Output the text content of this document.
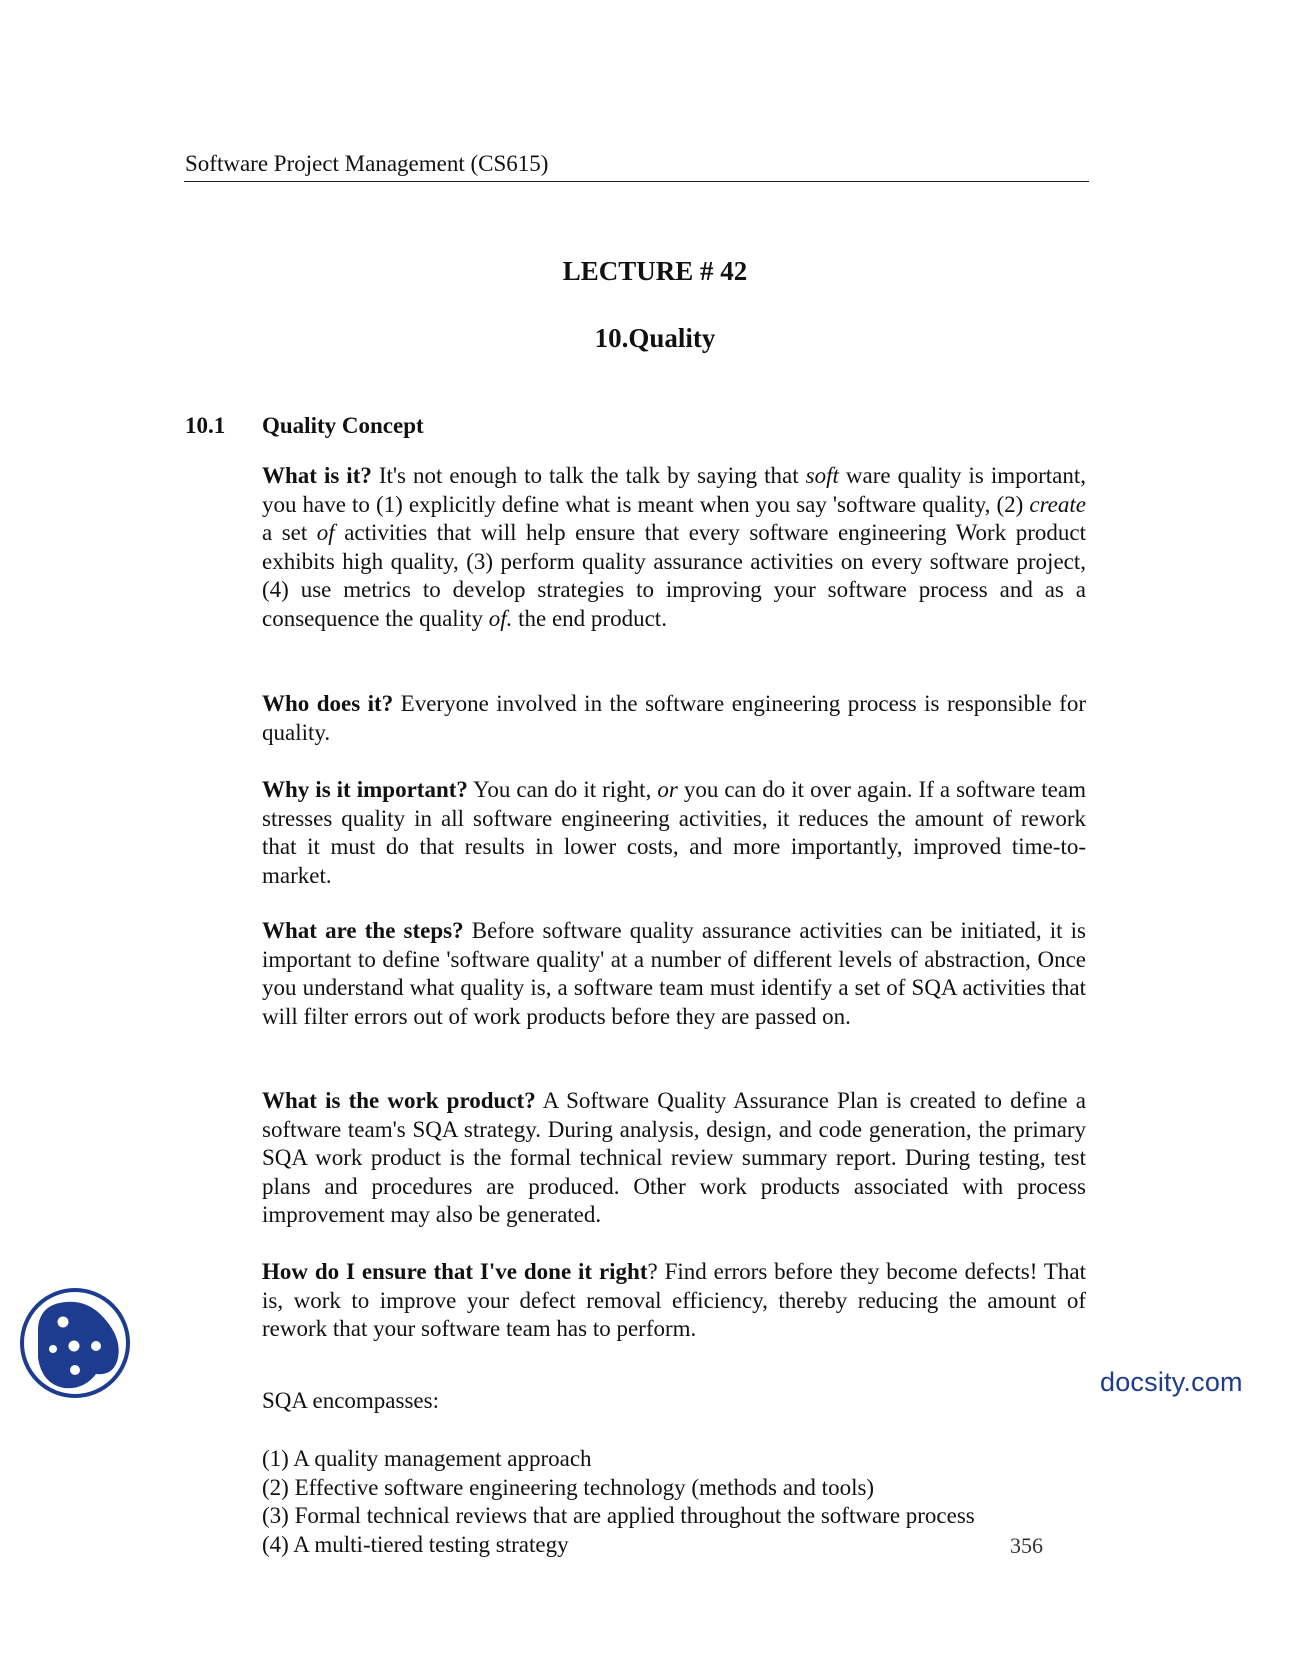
Software Project Management (CS615)
LECTURE # 42
10.Quality
10.1 Quality Concept

What is it? It's not enough to talk the talk by saying that soft ware quality is important, you have to (1) explicitly define what is meant when you say 'software quality, (2) create a set of activities that will help ensure that every software engineering Work product exhibits high quality, (3) perform quality assurance activities on every software project, (4) use metrics to develop strategies to improving your software process and as a consequence the quality of. the end product.

Who does it? Everyone involved in the software engineering process is responsible for quality.

Why is it important? You can do it right, or you can do it over again. If a software team stresses quality in all software engineering activities, it reduces the amount of rework that it must do that results in lower costs, and more importantly, improved time-to-market.

What are the steps? Before software quality assurance activities can be initiated, it is important to define 'software quality' at a number of different levels of abstraction, Once you understand what quality is, a software team must identify a set of SQA activities that will filter errors out of work products before they are passed on.

What is the work product? A Software Quality Assurance Plan is created to define a software team's SQA strategy. During analysis, design, and code generation, the primary SQA work product is the formal technical review summary report. During testing, test plans and procedures are produced. Other work products associated with process improvement may also be generated.

How do I ensure that I've done it right? Find errors before they become defects! That is, work to improve your defect removal efficiency, thereby reducing the amount of rework that your software team has to perform.

SQA encompasses:

(1) A quality management approach
(2) Effective software engineering technology (methods and tools)
(3) Formal technical reviews that are applied throughout the software process
(4) A multi-tiered testing strategy	356
docsity.com
